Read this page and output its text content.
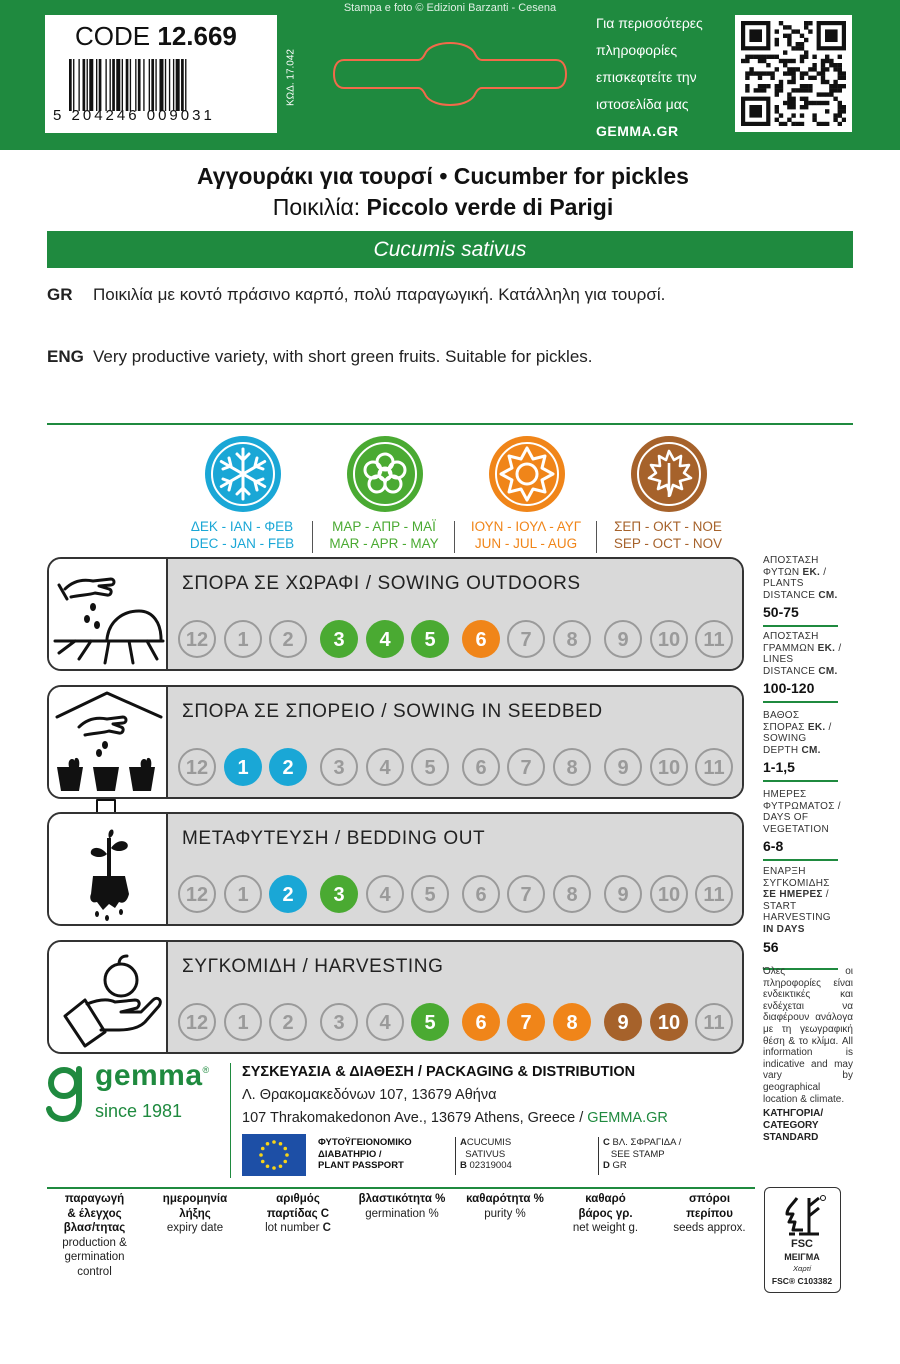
Stampa e foto © Edizioni Barzanti - Cesena
CODE 12.669
5 204246 009031
ΚΩΔ. 17.042
Για περισσότερες
πληροφορίες
επισκεφτείτε την
ιστοσελίδα μας
GEMMA.GR
Αγγουράκι για τουρσί • Cucumber for pickles
Ποικιλία: Piccolo verde di Parigi
Cucumis sativus
GR Ποικιλία με κοντό πράσινο καρπό, πολύ παραγωγική. Κατάλληλη για τουρσί.
ENG Very productive variety, with short green fruits. Suitable for pickles.
ΔΕΚ - ΙΑΝ - ΦΕΒ
DEC - JAN - FEB
ΜΑΡ - ΑΠΡ - ΜΑΪ
MAR - APR - MAY
ΙΟΥΝ - ΙΟΥΛ - ΑΥΓ
JUN - JUL - AUG
ΣΕΠ - ΟΚΤ - ΝΟΕ
SEP - OCT - NOV
ΣΠΟΡΑ ΣΕ ΧΩΡΑΦΙ / SOWING OUTDOORS
12	1	2	3	4	5	6	7	8	9	10	11
ΣΠΟΡΑ ΣΕ ΣΠΟΡΕΙΟ / SOWING IN SEEDBED
12	1	2	3	4	5	6	7	8	9	10	11
ΜΕΤΑΦΥΤΕΥΣΗ / BEDDING OUT
12	1	2	3	4	5	6	7	8	9	10	11
ΣΥΓΚΟΜΙΔΗ / HARVESTING
12	1	2	3	4	5	6	7	8	9	10	11
ΑΠΟΣΤΑΣΗ
ΦΥΤΩΝ ΕΚ. /
PLANTS
DISTANCE CM.
50-75
ΑΠΟΣΤΑΣΗ
ΓΡΑΜΜΩΝ ΕΚ. /
LINES
DISTANCE CM.
100-120
ΒΑΘΟΣ
ΣΠΟΡΑΣ ΕΚ. /
SOWING
DEPTH CM.
1-1,5
ΗΜΕΡΕΣ
ΦΥΤΡΩΜΑΤΟΣ /
DAYS OF
VEGETATION
6-8
ΕΝΑΡΞΗ
ΣΥΓΚΟΜΙΔΗΣ
ΣΕ ΗΜΕΡΕΣ /
START
HARVESTING
IN DAYS
56
Όλες οι πληροφορίες είναι ενδεικτικές και ενδέχεται να διαφέρουν ανάλογα με τη γεωγραφική θέση & το κλίμα. All information is indicative and may vary by geographical location & climate.
ΚΑΤΗΓΟΡΙΑ/
CATEGORY
STANDARD
gemma®
since 1981
ΣΥΣΚΕΥΑΣΙΑ & ΔΙΑΘΕΣΗ / PACKAGING & DISTRIBUTION
Λ. Θρακομακεδόνων 107, 13679 Αθήνα
107 Thrakomakedonon Ave., 13679 Athens, Greece / GEMMA.GR
ΦΥΤΟΫΓΕΙΟΝΟΜΙΚΟ
ΔΙΑΒΑΤΗΡΙΟ /
PLANT PASSPORT
ACUCUMIS
SATIVUS
B 02319004
C ΒΛ. ΣΦΡΑΓΙΔΑ /
SEE STAMP
D GR
παραγωγή
& έλεγχος
βλασ/τητας
production &
germination
control
ημερομηνία
λήξης
expiry date
αριθμός
παρτίδας C
lot number C
βλαστικότητα %
germination %
καθαρότητα %
purity %
καθαρό
βάρος γρ.
net weight g.
σπόροι
περίπου
seeds approx.
FSC
ΜΕΙΓΜΑ
Χαρτί
FSC® C103382
